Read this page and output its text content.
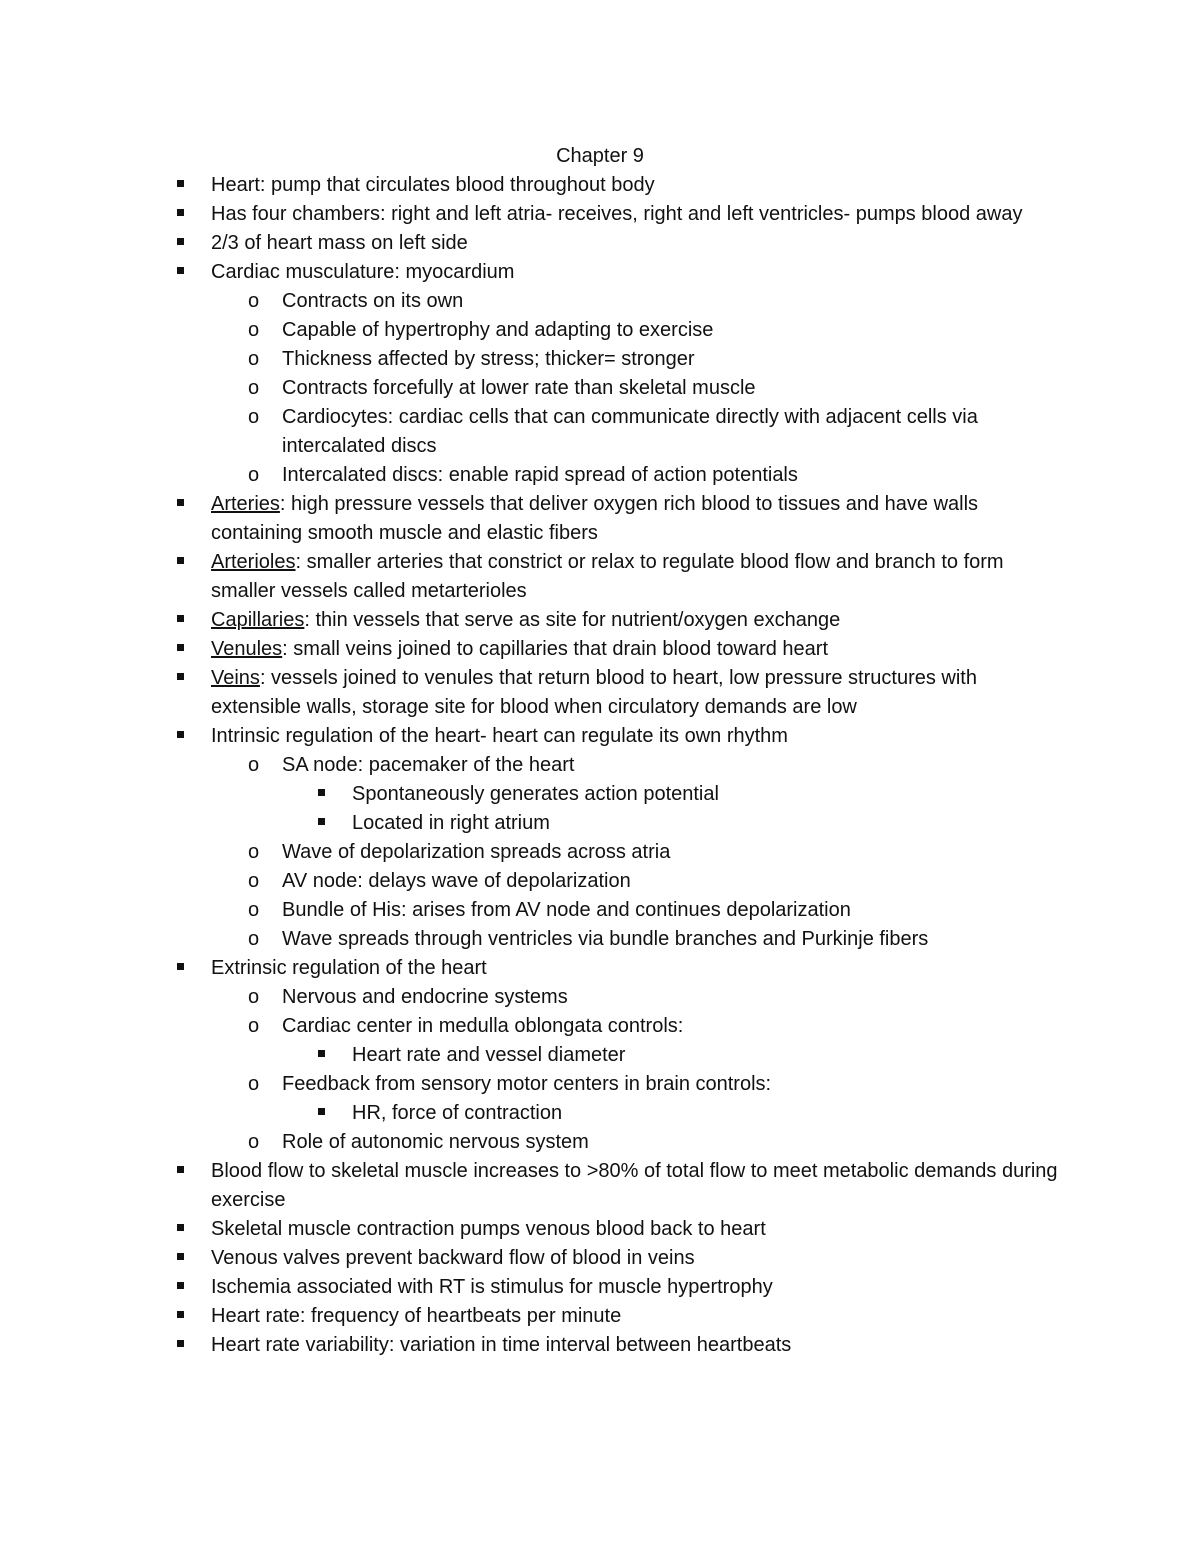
Chapter 9
Heart: pump that circulates blood throughout body
Has four chambers: right and left atria- receives, right and left ventricles- pumps blood away
2/3 of heart mass on left side
Cardiac musculature: myocardium
o Contracts on its own
o Capable of hypertrophy and adapting to exercise
o Thickness affected by stress; thicker= stronger
o Contracts forcefully at lower rate than skeletal muscle
o Cardiocytes: cardiac cells that can communicate directly with adjacent cells via intercalated discs
o Intercalated discs: enable rapid spread of action potentials
Arteries: high pressure vessels that deliver oxygen rich blood to tissues and have walls containing smooth muscle and elastic fibers
Arterioles: smaller arteries that constrict or relax to regulate blood flow and branch to form smaller vessels called metarterioles
Capillaries: thin vessels that serve as site for nutrient/oxygen exchange
Venules: small veins joined to capillaries that drain blood toward heart
Veins: vessels joined to venules that return blood to heart, low pressure structures with extensible walls, storage site for blood when circulatory demands are low
Intrinsic regulation of the heart- heart can regulate its own rhythm
o SA node: pacemaker of the heart
Spontaneously generates action potential
Located in right atrium
o Wave of depolarization spreads across atria
o AV node: delays wave of depolarization
o Bundle of His: arises from AV node and continues depolarization
o Wave spreads through ventricles via bundle branches and Purkinje fibers
Extrinsic regulation of the heart
o Nervous and endocrine systems
o Cardiac center in medulla oblongata controls:
Heart rate and vessel diameter
o Feedback from sensory motor centers in brain controls:
HR, force of contraction
o Role of autonomic nervous system
Blood flow to skeletal muscle increases to >80% of total flow to meet metabolic demands during exercise
Skeletal muscle contraction pumps venous blood back to heart
Venous valves prevent backward flow of blood in veins
Ischemia associated with RT is stimulus for muscle hypertrophy
Heart rate: frequency of heartbeats per minute
Heart rate variability: variation in time interval between heartbeats
